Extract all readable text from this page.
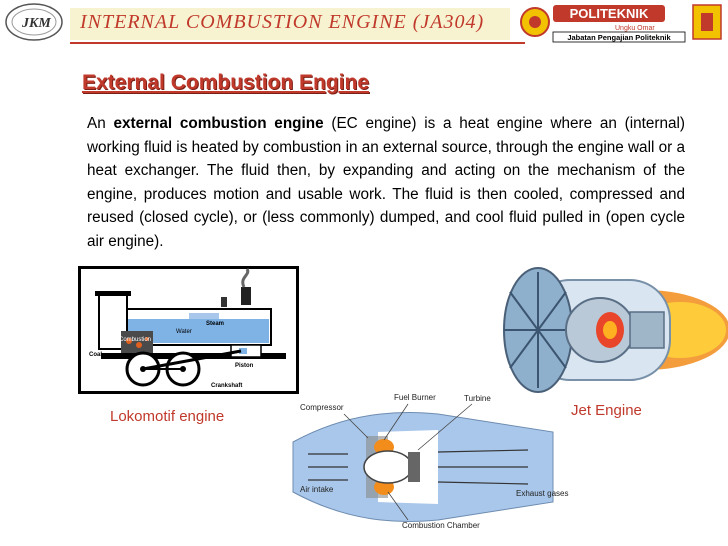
JKM INTERNAL COMBUSTION ENGINE (JA304)	POLITEKNIK
Ungku Omar
Jabatan Pengajian Politeknik
External Combustion Engine
An external combustion engine (EC engine) is a heat engine where an (internal) working fluid is heated by combustion in an external source, through the engine wall or a heat exchanger. The fluid then, by expanding and acting on the mechanism of the engine, produces motion and usable work. The fluid is then cooled, compressed and reused (closed cycle), or (less commonly) dumped, and cool fluid pulled in (open cycle air engine).
Steam
Water
Combustion
Coal
Piston
Crankshaft
Lokomotif engine	Jet Engine
Compressor
Fuel Burner	Turbine
Air intake	Exhaust gases
Combustion Chamber
